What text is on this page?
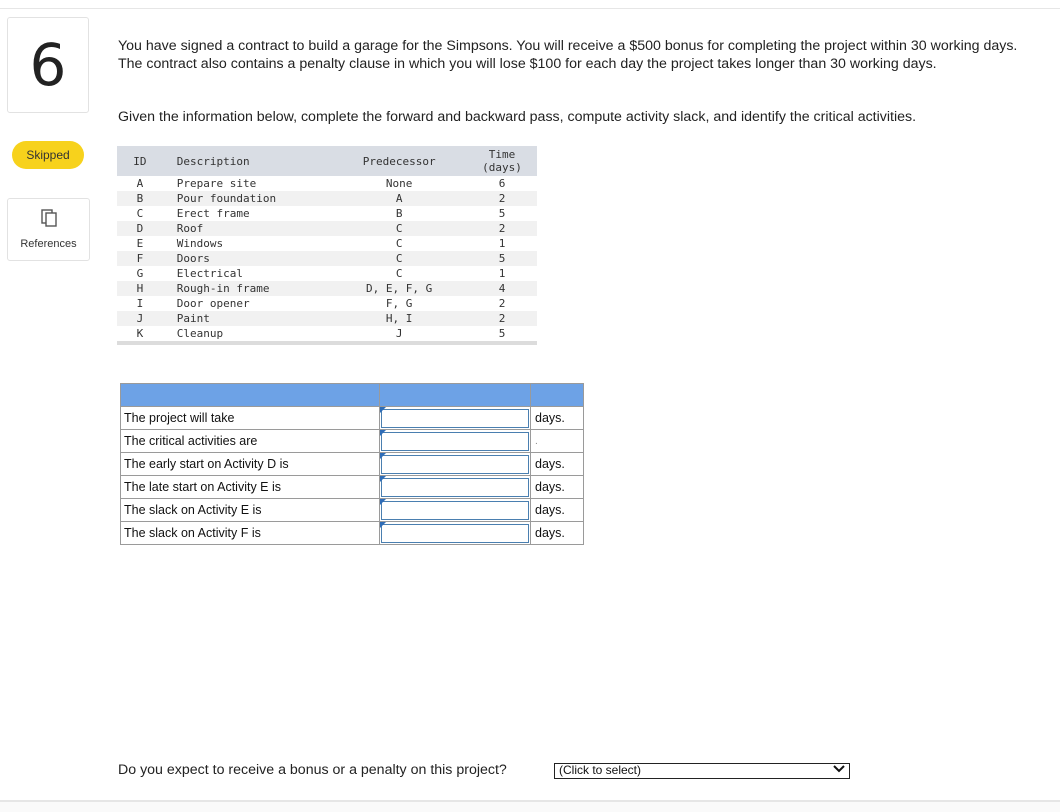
6
Skipped
References
You have signed a contract to build a garage for the Simpsons. You will receive a $500 bonus for completing the project within 30 working days. The contract also contains a penalty clause in which you will lose $100 for each day the project takes longer than 30 working days.
Given the information below, complete the forward and backward pass, compute activity slack, and identify the critical activities.
ID	Description	Predecessor	Time
(days)
A	Prepare site	None	6
B	Pour foundation	A	2
C	Erect frame	B	5
D	Roof	C	2
E	Windows	C	1
F	Doors	C	5
G	Electrical	C	1
H	Rough-in frame	D, E, F, G	4
I	Door opener	F, G	2
J	Paint	H, I	2
K	Cleanup	J	5

The project will take		days.
The critical activities are		.
The early start on Activity D is		days.
The late start on Activity E is		days.
The slack on Activity E is		days.
The slack on Activity F is		days.
Do you expect to receive a bonus or a penalty on this project?	(Click to select)
